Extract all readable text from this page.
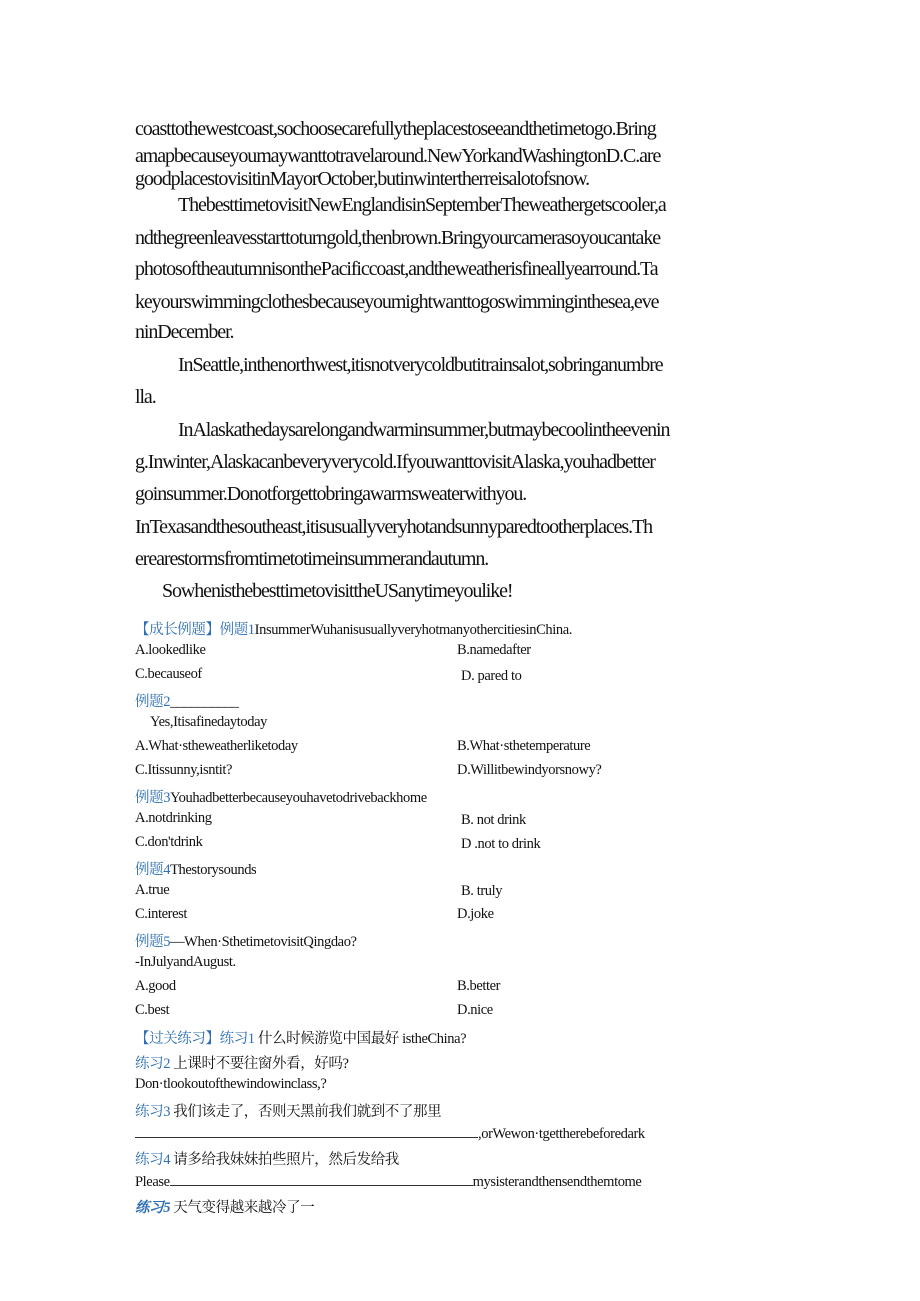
coasttothewestcoast,sochoosecarefullytheplacestoseeandthetimetogo.Bring
amapbecauseyoumaywanttotravelaround.NewYorkandWashingtonD.C.are
goodplacestovisitinMayorOctober,butinwintertherreisalotofsnow.
ThebesttimetovisitNewEnglandisinSeptemberTheweathergetscooler,a
ndthegreenleavesstarttoturngold,thenbrown.Bringyourcamerasoyoucantake
photosoftheautumnisonthePacificcoast,andtheweatherisfineallyearround.Ta
keyourswimmingclothesbecauseyoumightwanttogoswimminginthesea,eve
ninDecember.
InSeattle,inthenorthwest,itisnotverycoldbutitrainsalot,sobringanumbre
lla.
InAlaskathedaysarelongandwarminsummer,butmaybecoolintheevenin
g.Inwinter,Alaskacanbeveryverycold.IfyouwanttovisitAlaska,youhadbetter
goinsummer.Donotforgettobringawarmsweaterwithyou.
InTexasandthesoutheast,itisusuallyveryhotandsunnyparedtootherplaces.Th
erearestormsfromtimetotimeinsummerandautumn.
SowhenisthebesttimetovisittheUSanytimeyoulike!
【成长例题】例题1InsummerWuhanisusuallyveryhotmanyothercitiesinChina.
A.lookedlike	B.namedafter
C.becauseof	D. pared to
例题2__________
Yes,Itisafinedaytoday
A.What·stheweatherliketoday	B.What·sthetemperature
C.Itissunny,isntit?	D.Willitbewindyorsnowy?
例题3Youhadbetterbecauseyouhavetodrivebackhome
A.notdrinking	B. not drink
C.don'tdrink	D .not to drink
例题4Thestorysounds
A.true	B. truly
C.interest	D.joke
例题5—When·SthetimetovisitQingdao?
-InJulyandAugust.
A.good	B.better
C.best	D.nice
【过关练习】练习1 什么时候游览中国最好 istheChina?
练习2 上课时不要往窗外看，好吗?
Don·tlookoutofthewindowinclass,?
练习3 我们该走了，否则天黑前我们就到不了那里
,orWewon·tgettherebeforedark
练习4 请多给我妹妹拍些照片，然后发给我
Please	mysisterandthensendthemtome
练习5 天气变得越来越冷了一
